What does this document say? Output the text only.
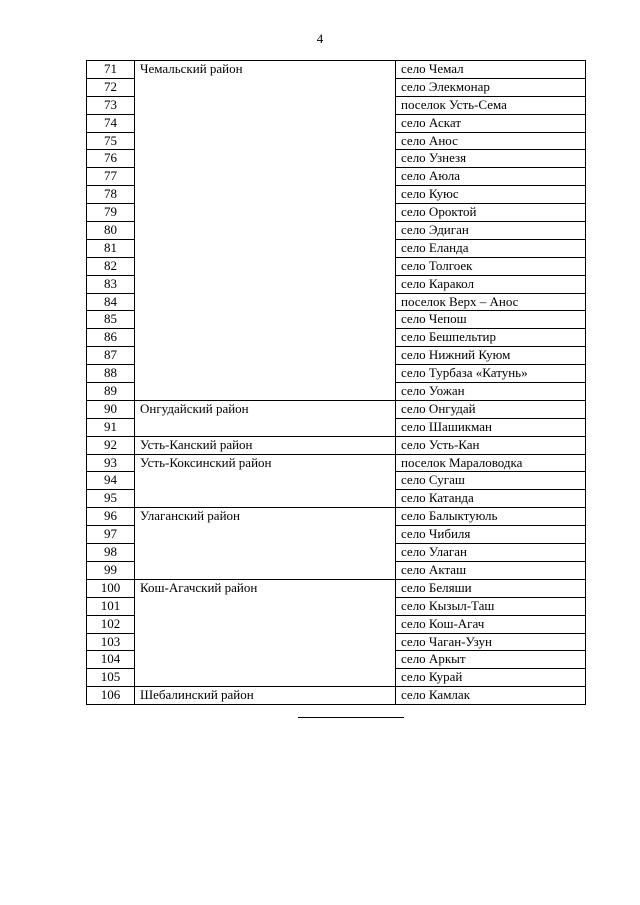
4
71	Чемальский район	село Чемал
72		село Элекмонар
73		поселок Усть-Сема
74		село Аскат
75		село Анос
76		село Узнезя
77		село Аюла
78		село Куюс
79		село Ороктой
80		село Эдиган
81		село Еланда
82		село Толгоек
83		село Каракол
84		поселок Верх – Анос
85		село Чепош
86		село Бешпельтир
87		село Нижний Куюм
88		село Турбаза «Катунь»
89		село Уожан
90	Онгудайский район	село Онгудай
91		село Шашикман
92	Усть-Канский район	село Усть-Кан
93	Усть-Коксинский район	поселок Мараловодка
94		село Сугаш
95		село Катанда
96	Улаганский район	село Балыктуюль
97		село Чибиля
98		село Улаган
99		село Акташ
100	Кош-Агачский район	село Беляши
101		село Кызыл-Таш
102		село Кош-Агач
103		село Чаган-Узун
104		село Аркыт
105		село Курай
106	Шебалинский район	село Камлак
